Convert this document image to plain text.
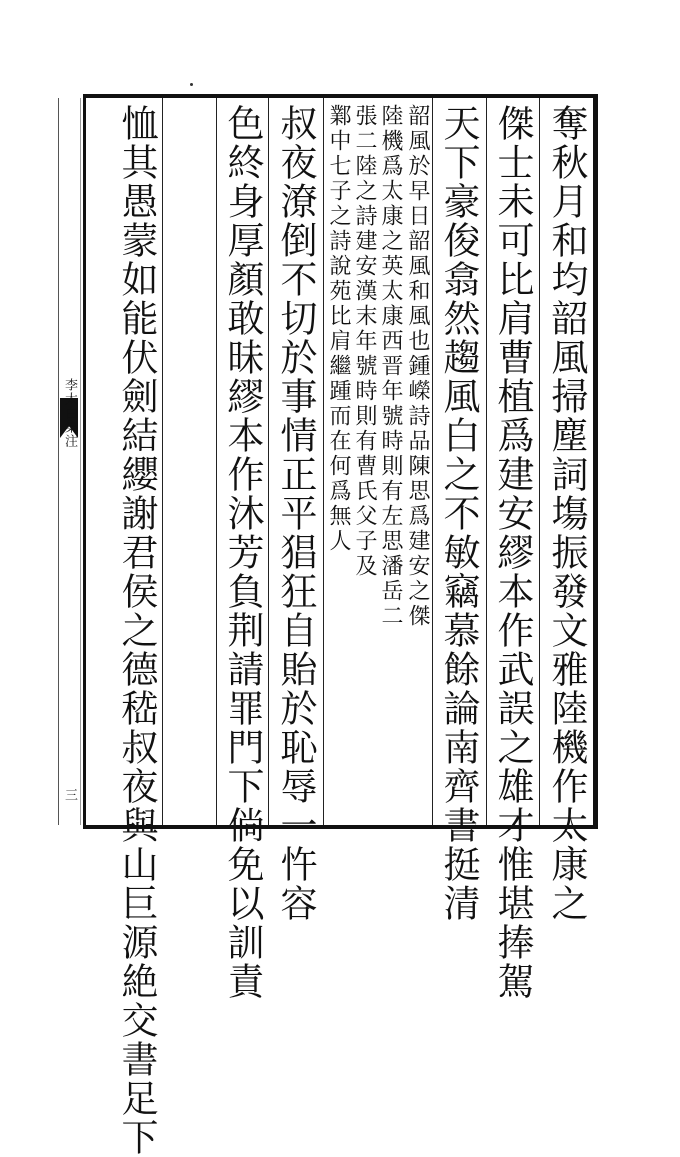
李太白集注
三	奪秋月和均韶風掃塵詞塲振發文雅陸機作太康之
傑士未可比肩曹植爲建安繆本作武誤之雄才惟堪捧駕
天下豪俊翕然趨風白之不敏竊慕餘論南齊書挺清
韶風於早日韶風和風也鍾嶸詩品陳思爲建安之傑
陸機爲太康之英太康西晋年號時則有左思潘岳二
張二陸之詩建安漢末年號時則有曹氏父子及
鄴中七子之詩說苑比肩繼踵而在何爲無人
叔夜潦倒不切於事情正平猖狂自貽於恥辱一忤容
色終身厚顏敢昧繆本作沐芳負荆請罪門下倘免以訓責
恤其愚蒙如能伏劍結纓謝君侯之德嵇叔夜與山巨源絶交書足下
